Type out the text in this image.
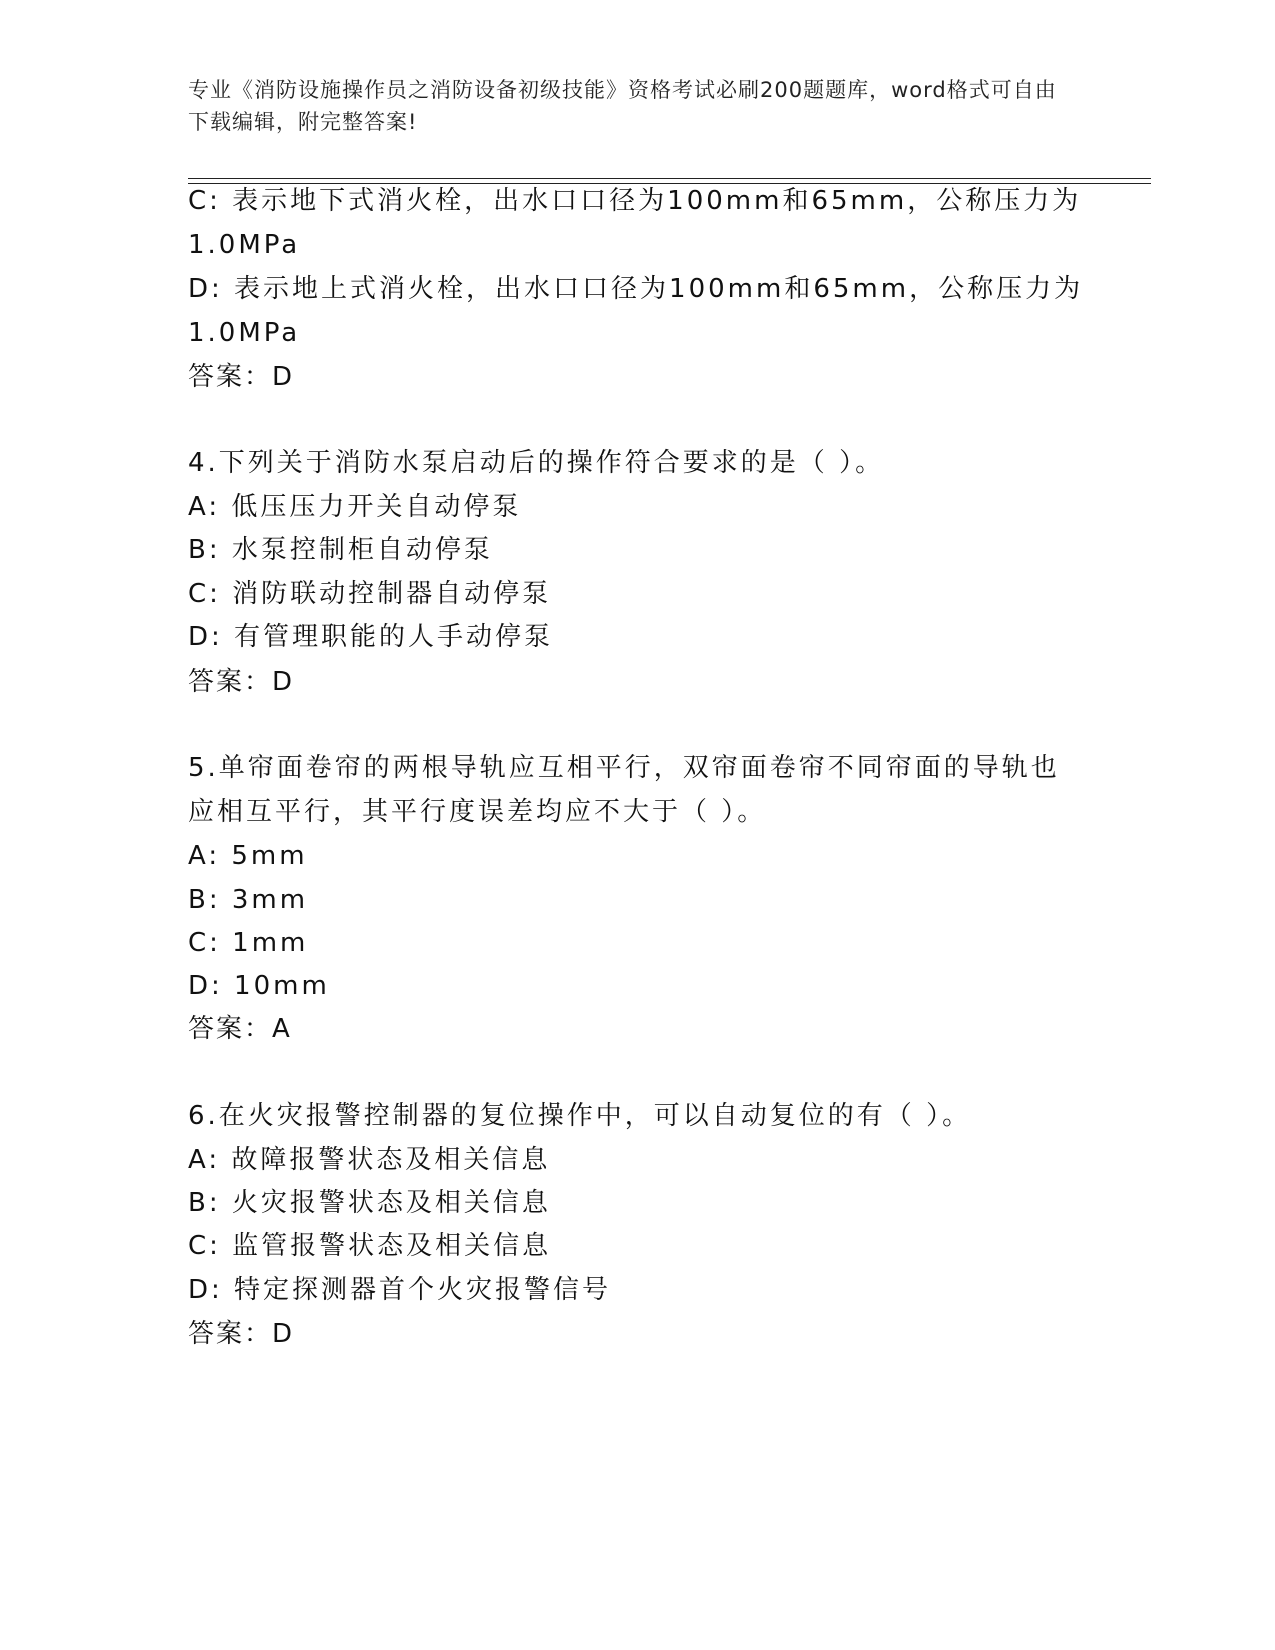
专业《消防设施操作员之消防设备初级技能》资格考试必刷200题题库，word格式可自由下载编辑，附完整答案!
C: 表示地下式消火栓，出水口口径为100mm和65mm，公称压力为
1.0MPa
D: 表示地上式消火栓，出水口口径为100mm和65mm，公称压力为
1.0MPa
答案：D
4.下列关于消防水泵启动后的操作符合要求的是（ ）。
A: 低压压力开关自动停泵
B: 水泵控制柜自动停泵
C: 消防联动控制器自动停泵
D: 有管理职能的人手动停泵
答案：D
5.单帘面卷帘的两根导轨应互相平行，双帘面卷帘不同帘面的导轨也
应相互平行，其平行度误差均应不大于（ ）。
A: 5mm
B: 3mm
C: 1mm
D: 10mm
答案：A
6.在火灾报警控制器的复位操作中，可以自动复位的有（ ）。
A: 故障报警状态及相关信息
B: 火灾报警状态及相关信息
C: 监管报警状态及相关信息
D: 特定探测器首个火灾报警信号
答案：D
